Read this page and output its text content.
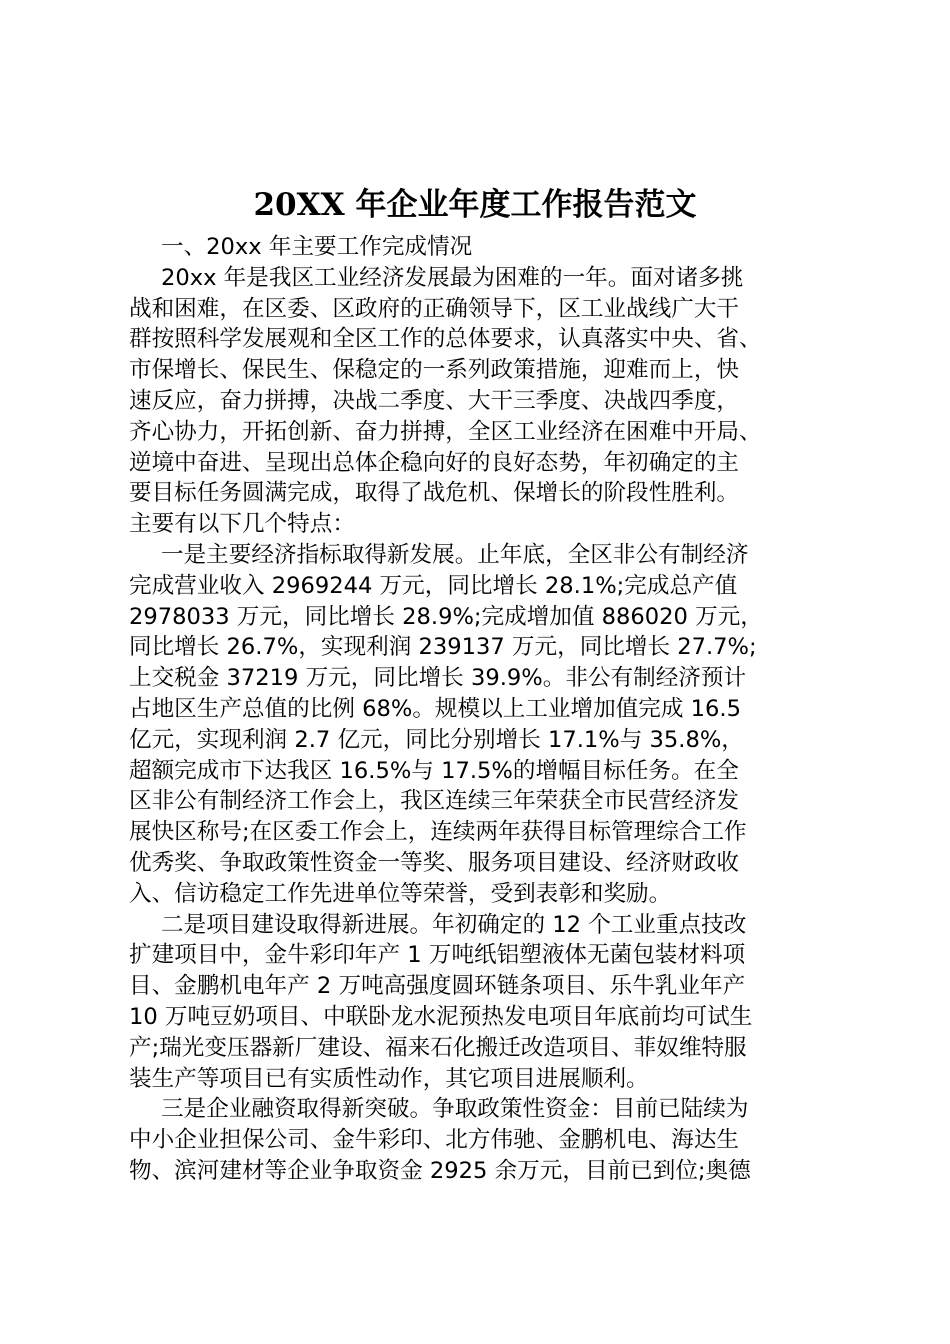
20XX 年企业年度工作报告范文
一、20xx 年主要工作完成情况
20xx 年是我区工业经济发展最为困难的一年。面对诸多挑
战和困难，在区委、区政府的正确领导下，区工业战线广大干
群按照科学发展观和全区工作的总体要求，认真落实中央、省、
市保增长、保民生、保稳定的一系列政策措施，迎难而上，快
速反应，奋力拼搏，决战二季度、大干三季度、决战四季度，
齐心协力，开拓创新、奋力拼搏，全区工业经济在困难中开局、
逆境中奋进、呈现出总体企稳向好的良好态势，年初确定的主
要目标任务圆满完成，取得了战危机、保增长的阶段性胜利。
主要有以下几个特点：
一是主要经济指标取得新发展。止年底，全区非公有制经济
完成营业收入 2969244 万元，同比增长 28.1%;完成总产值
2978033 万元，同比增长 28.9%;完成增加值 886020 万元，
同比增长 26.7%，实现利润 239137 万元，同比增长 27.7%;
上交税金 37219 万元，同比增长 39.9%。非公有制经济预计
占地区生产总值的比例 68%。规模以上工业增加值完成 16.5
亿元，实现利润 2.7 亿元，同比分别增长 17.1%与 35.8%，
超额完成市下达我区 16.5%与 17.5%的增幅目标任务。在全
区非公有制经济工作会上，我区连续三年荣获全市民营经济发
展快区称号;在区委工作会上，连续两年获得目标管理综合工作
优秀奖、争取政策性资金一等奖、服务项目建设、经济财政收
入、信访稳定工作先进单位等荣誉，受到表彰和奖励。
二是项目建设取得新进展。年初确定的 12 个工业重点技改
扩建项目中，金牛彩印年产 1 万吨纸铝塑液体无菌包装材料项
目、金鹏机电年产 2 万吨高强度圆环链条项目、乐牛乳业年产
10 万吨豆奶项目、中联卧龙水泥预热发电项目年底前均可试生
产;瑞光变压器新厂建设、福来石化搬迁改造项目、菲奴维特服
装生产等项目已有实质性动作，其它项目进展顺利。
三是企业融资取得新突破。争取政策性资金：目前已陆续为
中小企业担保公司、金牛彩印、北方伟驰、金鹏机电、海达生
物、滨河建材等企业争取资金 2925 余万元，目前已到位;奥德
